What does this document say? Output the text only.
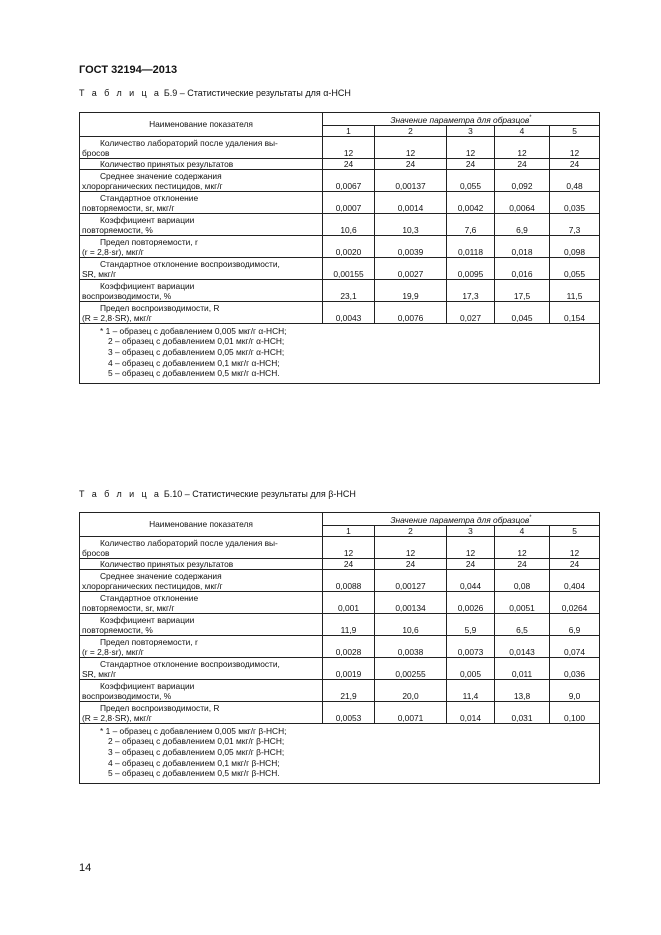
ГОСТ 32194—2013
Т а б л и ц а Б.9 – Статистические результаты для α-НСН
Наименование показателя	Значение параметра для образцов*
	1	2	3	4	5

Количество лабораторий после удаления вы-
бросов	12	12	12	12	12

Количество принятых результатов	24	24	24	24	24

Среднее значение содержания
хлорорганических пестицидов, мкг/г	0,0067	0,00137	0,055	0,092	0,48

Стандартное отклонение
повторяемости, sr, мкг/г	0,0007	0,0014	0,0042	0,0064	0,035

Коэффициент вариации
повторяемости, %	10,6	10,3	7,6	6,9	7,3

Предел повторяемости, r
(r = 2,8·sr), мкг/г	0,0020	0,0039	0,0118	0,018	0,098

Стандартное отклонение воспроизводимости,
SR, мкг/г	0,00155	0,0027	0,0095	0,016	0,055

Коэффициент вариации
воспроизводимости, %	23,1	19,9	17,3	17,5	11,5

Предел воспроизводимости, R
(R = 2,8·SR), мкг/г	0,0043	0,0076	0,027	0,045	0,154

* 1 – образец с добавлением 0,005 мкг/г α-НСН;
2 – образец с добавлением 0,01 мкг/г α-НСН;
3 – образец с добавлением 0,05 мкг/г α-НСН;
4 – образец с добавлением 0,1 мкг/г α-НСН;
5 – образец с добавлением 0,5 мкг/г α-НСН.					
Т а б л и ц а Б.10 – Статистические результаты для β-НСН
Наименование показателя	Значение параметра для образцов*
	1	2	3	4	5

Количество лабораторий после удаления вы-
бросов	12	12	12	12	12

Количество принятых результатов	24	24	24	24	24

Среднее значение содержания
хлорорганических пестицидов, мкг/г	0,0088	0,00127	0,044	0,08	0,404

Стандартное отклонение
повторяемости, sr, мкг/г	0,001	0,00134	0,0026	0,0051	0,0264

Коэффициент вариации
повторяемости, %	11,9	10,6	5,9	6,5	6,9

Предел повторяемости, r
(r = 2,8·sr), мкг/г	0,0028	0,0038	0,0073	0,0143	0,074

Стандартное отклонение воспроизводимости,
SR, мкг/г	0,0019	0,00255	0,005	0,011	0,036

Коэффициент вариации
воспроизводимости, %	21,9	20,0	11,4	13,8	9,0

Предел воспроизводимости, R
(R = 2,8·SR), мкг/г	0,0053	0,0071	0,014	0,031	0,100

* 1 – образец с добавлением 0,005 мкг/г β-НСН;
2 – образец с добавлением 0,01 мкг/г β-НСН;
3 – образец с добавлением 0,05 мкг/г β-НСН;
4 – образец с добавлением 0,1 мкг/г β-НСН;
5 – образец с добавлением 0,5 мкг/г β-НСН.					
14
